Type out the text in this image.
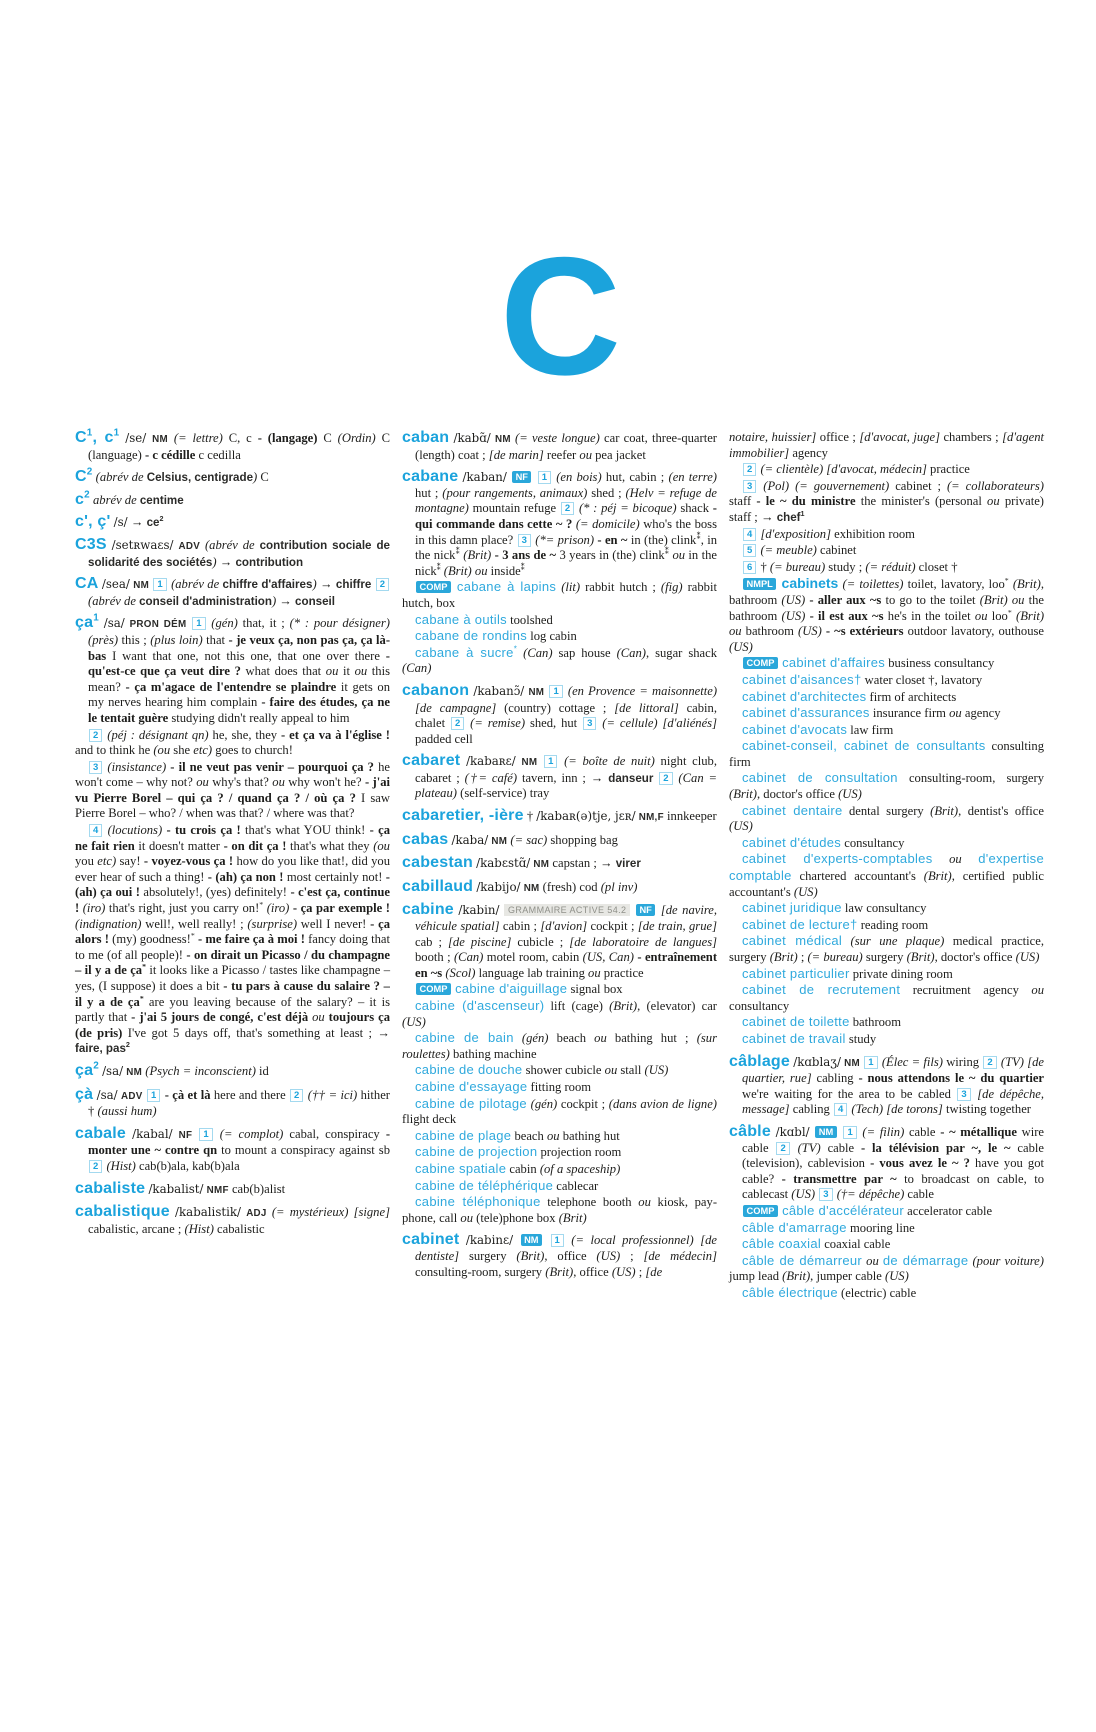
C
$C^1$, $c^1$ /se/ NM (= lettre) C, c - (langage) C (Ordin) C (language) - c cédille c cedilla
$C^2$ (abrév de Celsius, centigrade) C
$c^2$ abrév de centime
c', ç' $/s/ \to ce^2$
C3S /setʀwaɛs/ ADV (abrév de contribution sociale de solidarité des sociétés) → contribution
CA /sea/ NM 1 (abrév de chiffre d'affaires) → chiffre 2 (abrév de conseil d'administration) → conseil
$ça^1$ /sa/ PRON DÉM 1 (gén) that, it ; (* : pour désigner) (près) this ; (plus loin) that - je veux ça, non pas ça, ça là-bas I want that one, not this one, that one over there - qu'est-ce que ça veut dire ? what does that ou it ou this mean? - ça m'agace de l'entendre se plaindre it gets on my nerves hearing him complain - faire des études, ça ne le tentait guère studying didn't really appeal to him
2 (péj : désignant qn) he, she, they - et ça va à l'église ! and to think he (ou she etc) goes to church!
3 (insistance) - il ne veut pas venir – pourquoi ça ? he won't come – why not? ou why's that? ou why won't he? - j'ai vu Pierre Borel – qui ça ? / quand ça ? / où ça ? I saw Pierre Borel – who? / when was that? / where was that?
4 (locutions) - tu crois ça ! that's what YOU think! - ça ne fait rien it doesn't matter - on dit ça ! that's what they (ou you etc) say! - voyez-vous ça ! how do you like that!, did you ever hear of such a thing! - (ah) ça non ! most certainly not! - (ah) ça oui ! absolutely!, (yes) definitely! - c'est ça, continue ! (iro) that's right, just you carry on!* (iro) - ça par exemple ! (indignation) well!, well really! ; (surprise) well I never! - ça alors ! (my) goodness!* - me faire ça à moi ! fancy doing that to me (of all people)! - on dirait un Picasso / du champagne – il y a de ça* it looks like a Picasso / tastes like champagne – yes, (I suppose) it does a bit - tu pars à cause du salaire ? – il y a de ça* are you leaving because of the salary? – it is partly that - j'ai 5 jours de congé, c'est déjà ou toujours ça (de pris) I've got 5 days off, that's something at least ; → faire, pas$^2$
$ça^2$ /sa/ NM (Psych = inconscient) id
çà /sa/ ADV 1 - çà et là here and there 2 (†† = ici) hither † (aussi hum)
cabale /kabal/ NF 1 (= complot) cabal, conspiracy - monter une ~ contre qn to mount a conspiracy against sb 2 (Hist) cab(b)ala, kab(b)ala
cabaliste /kabalist/ NMF cab(b)alist
cabalistique /kabalistik/ ADJ (= mystérieux) [signe] cabalistic, arcane ; (Hist) cabalistic
caban /kabɑ̃/ NM (= veste longue) car coat, three-quarter (length) coat ; [de marin] reefer ou pea jacket
cabane /kaban/ NF 1 (en bois) hut, cabin ; (en terre) hut ; (pour rangements, animaux) shed ; (Helv = refuge de montagne) mountain refuge 2 (* : péj = bicoque) shack - qui commande dans cette ~ ? (= domicile) who's the boss in this damn place? 3 (*= prison) - en ~ in (the) clink⁑, in the nick⁑ (Brit) - 3 ans de ~ 3 years in (the) clink⁑ ou in the nick⁑ (Brit) ou inside⁑
COMP cabane à lapins (lit) rabbit hutch ; (fig) rabbit hutch, box
cabane à outils toolshed
cabane de rondins log cabin
cabane à sucre* (Can) sap house (Can), sugar shack (Can)
cabanon /kabanɔ̃/ NM 1 (en Provence = maisonnette) [de campagne] (country) cottage ; [de littoral] cabin, chalet 2 (= remise) shed, hut 3 (= cellule) [d'aliénés] padded cell
cabaret /kabaʀɛ/ NM 1 (= boîte de nuit) night club, cabaret ; (†= café) tavern, inn ; → danseur 2 (Can = plateau) (self-service) tray
cabaretier, -ière † /kabaʀ(ə)tje, jɛʀ/ NM,F innkeeper
cabas /kaba/ NM (= sac) shopping bag
cabestan /kabɛstɑ̃/ NM capstan ; → virer
cabillaud /kabijo/ NM (fresh) cod (pl inv)
cabine /kabin/ GRAMMAIRE ACTIVE 54.2 NF [de navire, véhicule spatial] cabin ; [d'avion] cockpit ; [de train, grue] cab ; [de piscine] cubicle ; [de laboratoire de langues] booth ; (Can) motel room, cabin (US, Can) - entraînement en ~s (Scol) language lab training ou practice
COMP cabine d'aiguillage signal box
cabine (d'ascenseur) lift (cage) (Brit), (elevator) car (US)
cabine de bain (gén) beach ou bathing hut ; (sur roulettes) bathing machine
cabine de douche shower cubicle ou stall (US)
cabine d'essayage fitting room
cabine de pilotage (gén) cockpit ; (dans avion de ligne) flight deck
cabine de plage beach ou bathing hut
cabine de projection projection room
cabine spatiale cabin (of a spaceship)
cabine de téléphérique cablecar
cabine téléphonique telephone booth ou kiosk, pay-phone, call ou (tele)phone box (Brit)
cabinet /kabinɛ/ NM 1 (= local professionnel) [de dentiste] surgery (Brit), office (US) ; [de médecin] consulting-room, surgery (Brit), office (US) ; [de
notaire, huissier] office ; [d'avocat, juge] chambers ; [d'agent immobilier] agency
2 (= clientèle) [d'avocat, médecin] practice
3 (Pol) (= gouvernement) cabinet ; (= collaborateurs) staff - le ~ du ministre the minister's (personal ou private) staff ; → chef$^1$
4 [d'exposition] exhibition room
5 (= meuble) cabinet
6 † (= bureau) study ; (= réduit) closet †
NMPL cabinets (= toilettes) toilet, lavatory, loo* (Brit), bathroom (US) - aller aux ~s to go to the toilet (Brit) ou the bathroom (US) - il est aux ~s he's in the toilet ou loo* (Brit) ou bathroom (US) - ~s extérieurs outdoor lavatory, outhouse (US)
COMP cabinet d'affaires business consultancy
cabinet d'aisances† water closet †, lavatory
cabinet d'architectes firm of architects
cabinet d'assurances insurance firm ou agency
cabinet d'avocats law firm
cabinet-conseil, cabinet de consultants consulting firm
cabinet de consultation consulting-room, surgery (Brit), doctor's office (US)
cabinet dentaire dental surgery (Brit), dentist's office (US)
cabinet d'études consultancy
cabinet d'experts-comptables ou d'expertise comptable chartered accountant's (Brit), certified public accountant's (US)
cabinet juridique law consultancy
cabinet de lecture† reading room
cabinet médical (sur une plaque) medical practice, surgery (Brit) ; (= bureau) surgery (Brit), doctor's office (US)
cabinet particulier private dining room
cabinet de recrutement recruitment agency ou consultancy
cabinet de toilette bathroom
cabinet de travail study
câblage /kɑblaʒ/ NM 1 (Élec = fils) wiring 2 (TV) [de quartier, rue] cabling - nous attendons le ~ du quartier we're waiting for the area to be cabled 3 [de dépêche, message] cabling 4 (Tech) [de torons] twisting together
câble /kɑbl/ NM 1 (= filin) cable - ~ métallique wire cable 2 (TV) cable - la télévision par ~, le ~ cable (television), cablevision - vous avez le ~ ? have you got cable? - transmettre par ~ to broadcast on cable, to cablecast (US) 3 (†= dépêche) cable
COMP câble d'accélérateur accelerator cable
câble d'amarrage mooring line
câble coaxial coaxial cable
câble de démarreur ou de démarrage (pour voiture) jump lead (Brit), jumper cable (US)
câble électrique (electric) cable
